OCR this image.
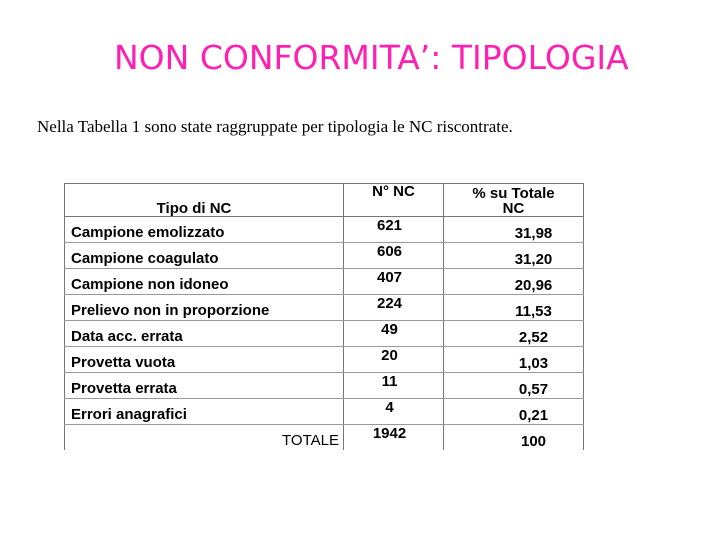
NON CONFORMITA’: TIPOLOGIA
Nella Tabella 1 sono state raggruppate per tipologia le NC riscontrate.
Tipo di NC	N° NC	% su Totale
NC

Campione emolizzato	621	31,98
Campione coagulato	606	31,20
Campione non idoneo	407	20,96
Prelievo non in proporzione	224	11,53
Data acc. errata	49	2,52
Provetta vuota	20	1,03
Provetta errata	11	0,57
Errori anagrafici	4	0,21
TOTALE	1942	100
